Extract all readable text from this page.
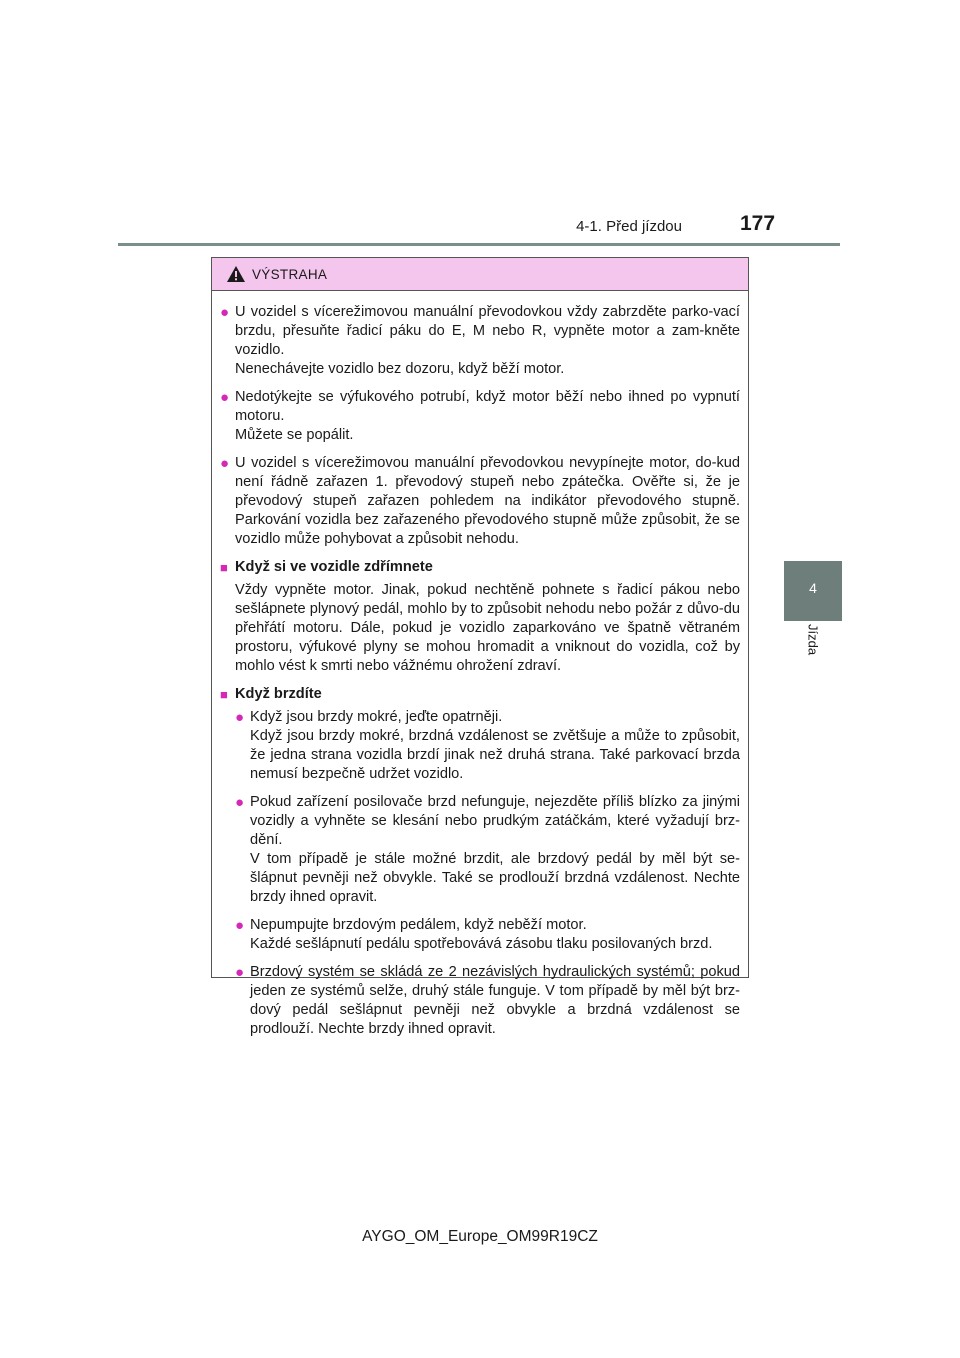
4-1. Před jízdou	177
4
Jízda
VÝSTRAHA
● U vozidel s vícerežimovou manuální převodovkou vždy zabrzděte parko-vací brzdu, přesuňte řadicí páku do E, M nebo R, vypněte motor a zam-kněte vozidlo.
Nenechávejte vozidlo bez dozoru, když běží motor.
● Nedotýkejte se výfukového potrubí, když motor běží nebo ihned po vypnutí motoru.
Můžete se popálit.
● U vozidel s vícerežimovou manuální převodovkou nevypínejte motor, do-kud není řádně zařazen 1. převodový stupeň nebo zpátečka. Ověřte si, že je převodový stupeň zařazen pohledem na indikátor převodového stupně. Parkování vozidla bez zařazeného převodového stupně může způsobit, že se vozidlo může pohybovat a způsobit nehodu.
■ Když si ve vozidle zdřímnete
Vždy vypněte motor. Jinak, pokud nechtěně pohnete s řadicí pákou nebo sešlápnete plynový pedál, mohlo by to způsobit nehodu nebo požár z důvo-du přehřátí motoru. Dále, pokud je vozidlo zaparkováno ve špatně větraném prostoru, výfukové plyny se mohou hromadit a vniknout do vozidla, což by mohlo vést k smrti nebo vážnému ohrožení zdraví.
■ Když brzdíte
● Když jsou brzdy mokré, jeďte opatrněji.
Když jsou brzdy mokré, brzdná vzdálenost se zvětšuje a může to způsobit, že jedna strana vozidla brzdí jinak než druhá strana. Také parkovací brzda nemusí bezpečně udržet vozidlo.
● Pokud zařízení posilovače brzd nefunguje, nejezděte příliš blízko za jinými vozidly a vyhněte se klesání nebo prudkým zatáčkám, které vyžadují brz-dění.
V tom případě je stále možné brzdit, ale brzdový pedál by měl být se-šlápnut pevněji než obvykle. Také se prodlouží brzdná vzdálenost. Nechte brzdy ihned opravit.
● Nepumpujte brzdovým pedálem, když neběží motor.
Každé sešlápnutí pedálu spotřebovává zásobu tlaku posilovaných brzd.
● Brzdový systém se skládá ze 2 nezávislých hydraulických systémů; pokud jeden ze systémů selže, druhý stále funguje. V tom případě by měl být brz-dový pedál sešlápnut pevněji než obvykle a brzdná vzdálenost se prodlouží. Nechte brzdy ihned opravit.
AYGO_OM_Europe_OM99R19CZ
